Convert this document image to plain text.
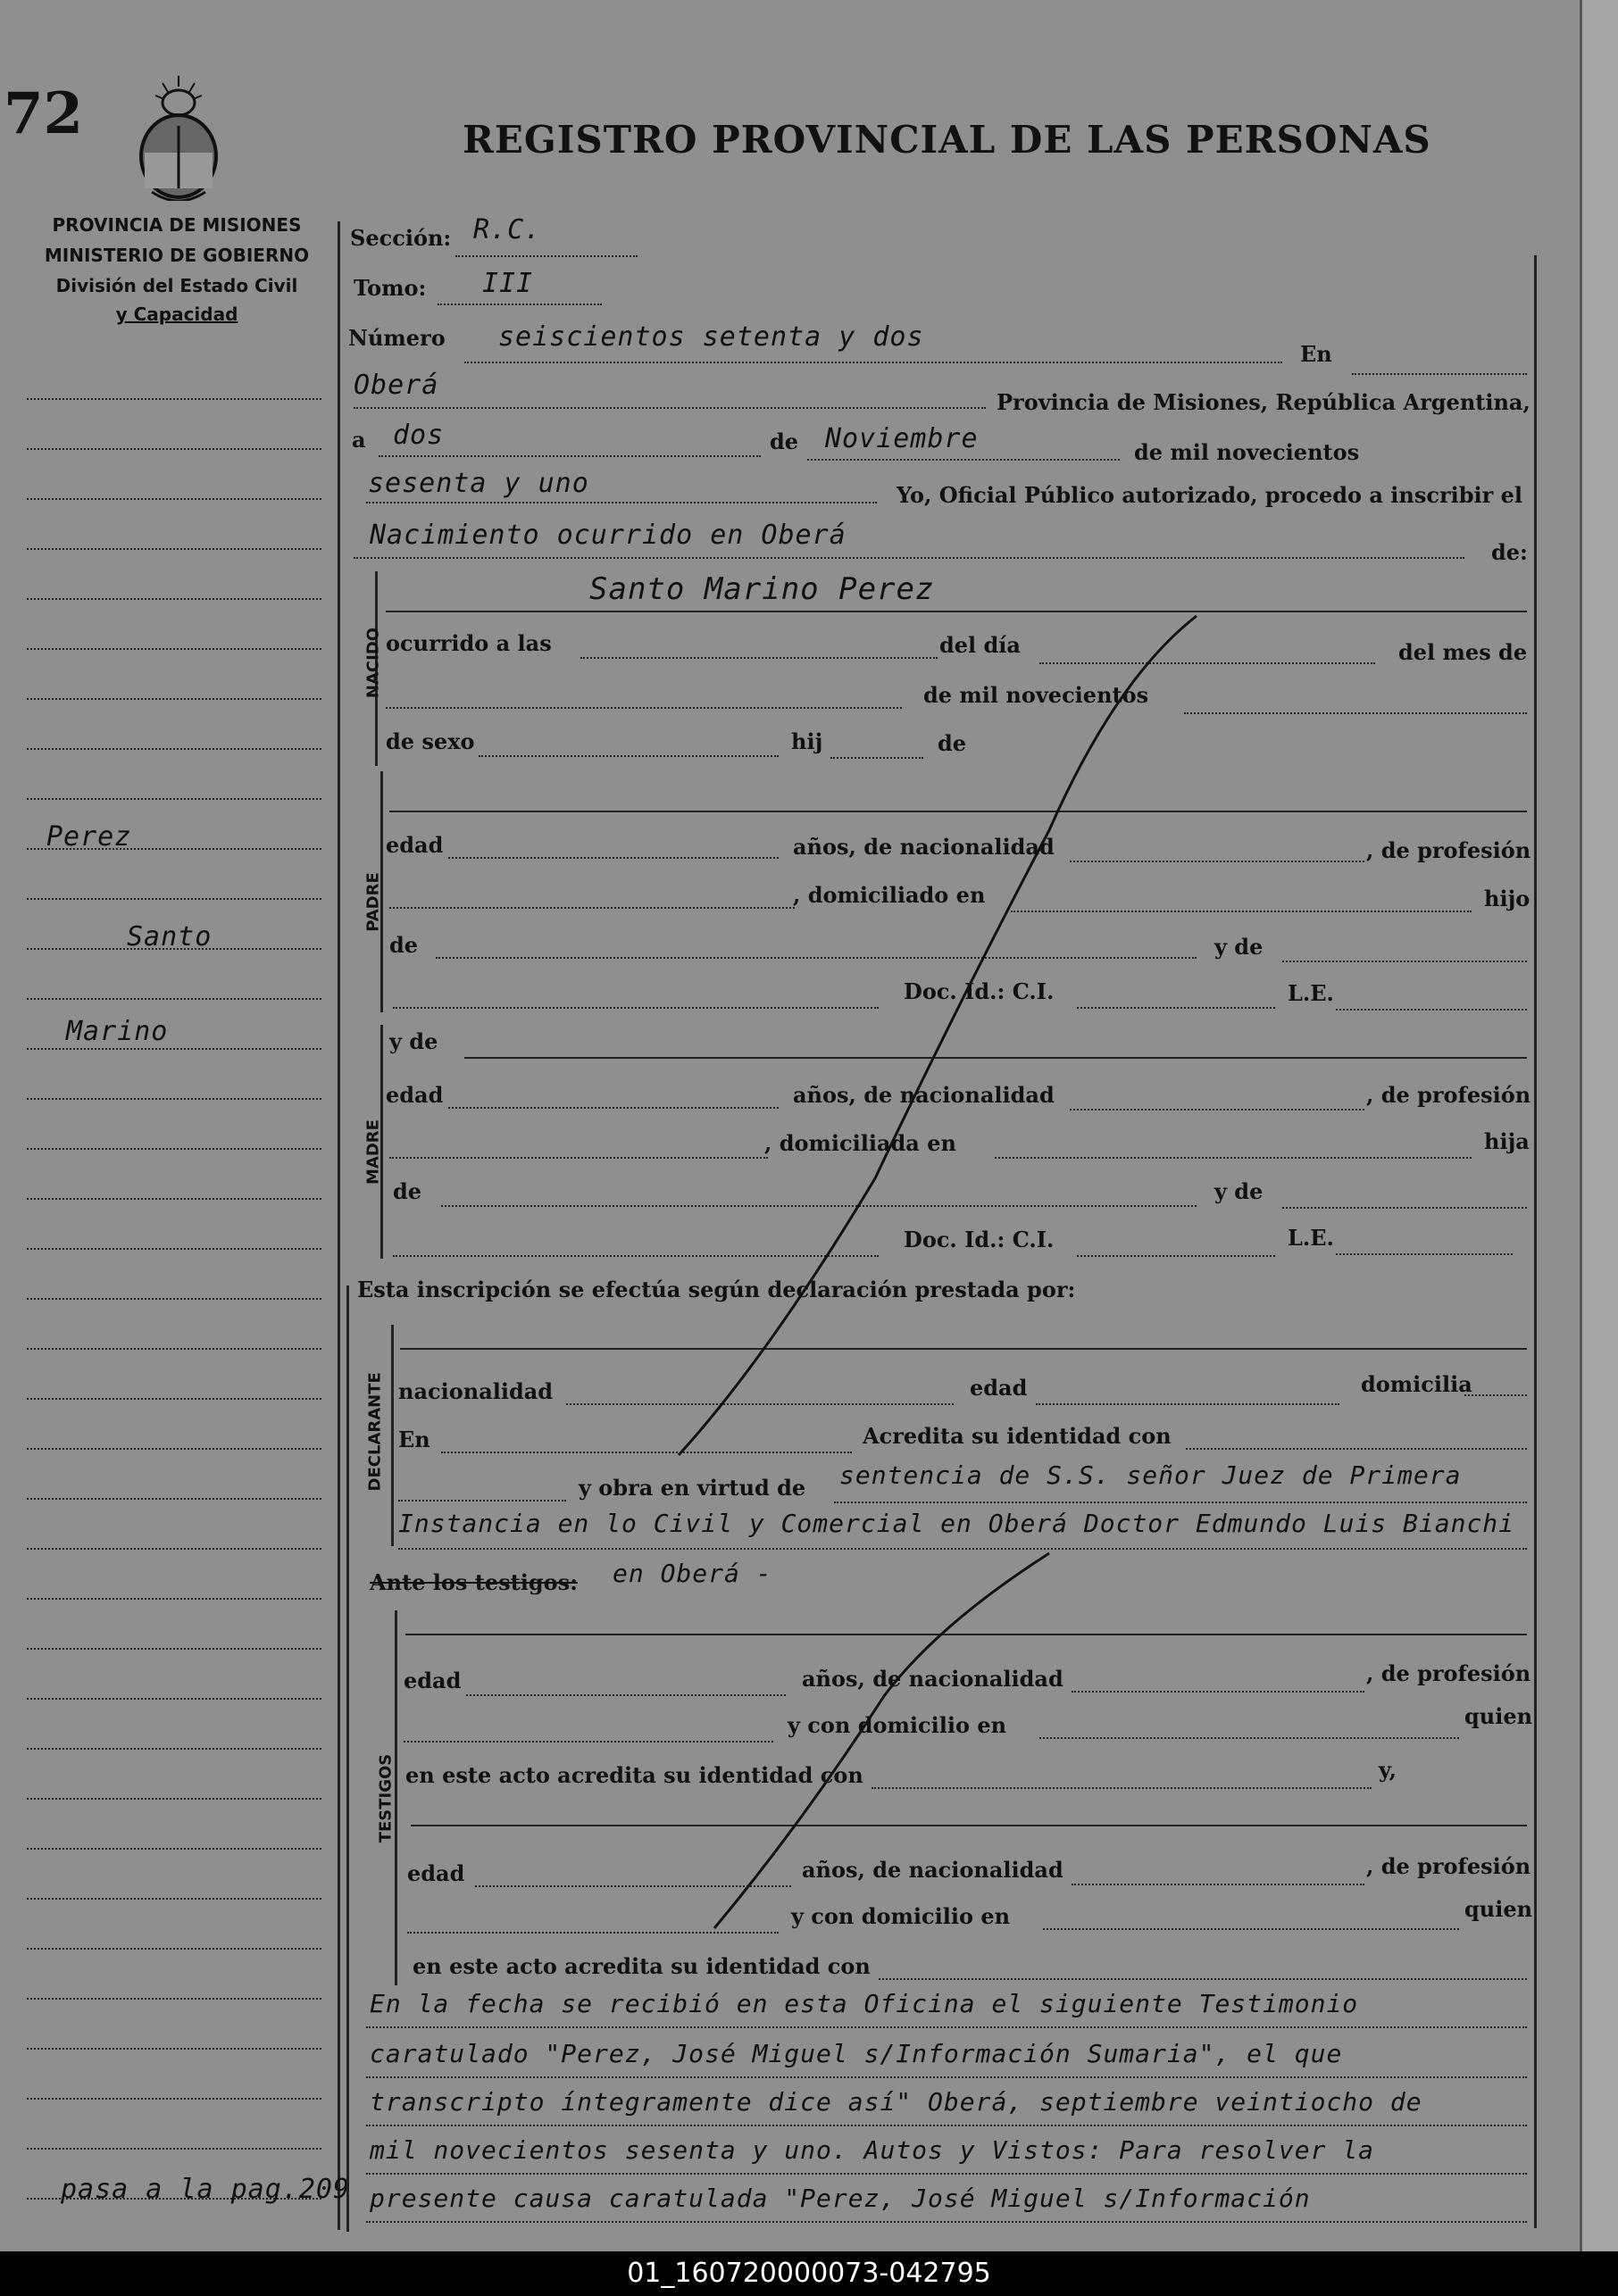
72	REGISTRO PROVINCIAL DE LAS PERSONAS
PROVINCIA DE MISIONES
MINISTERIO DE GOBIERNO
División del Estado Civil
y Capacidad
Perez
Santo
Marino
pasa a la pag.209
Sección: R.C.
Tomo: III
Número seiscientos setenta y dos
En
Oberá
Provincia de Misiones, República Argentina,
a dos	de Noviembre	de mil novecientos
sesenta y uno	Yo, Oficial Público autorizado, procedo a inscribir el
Nacimiento ocurrido en Oberá
de:
NACIDO
Santo Marino Perez
ocurrido a las	del día	del mes de
de mil novecientos
de sexo	hij	de
PADRE
edad	años, de nacionalidad	, de profesión
, domiciliado en	hijo
de	y de
Doc. Id.: C.I.	L.E.
MADRE
y de
edad	años, de nacionalidad	, de profesión
, domiciliada en	hija
de	y de
Doc. Id.: C.I.	L.E.
Esta inscripción se efectúa según declaración prestada por:
DECLARANTE nacionalidad	edad	domicilia
En	Acredita su identidad con
y obra en virtud de sentencia de S.S. señor Juez de Primera
Instancia en lo Civil y Comercial en Oberá Doctor Edmundo Luis Bianchi
Ante los testigos: en Oberá -
TESTIGOS
edad	años, de nacionalidad	, de profesión
y con domicilio en	quien
en este acto acredita su identidad con	y,
edad	años, de nacionalidad	, de profesión
y con domicilio en	quien
en este acto acredita su identidad con
En la fecha se recibió en esta Oficina el siguiente Testimonio
caratulado "Perez, José Miguel s/Información Sumaria", el que
transcripto íntegramente dice así" Oberá, septiembre veintiocho de
mil novecientos sesenta y uno. Autos y Vistos: Para resolver la
presente causa caratulada "Perez, José Miguel s/Información
01_160720000073-042795
